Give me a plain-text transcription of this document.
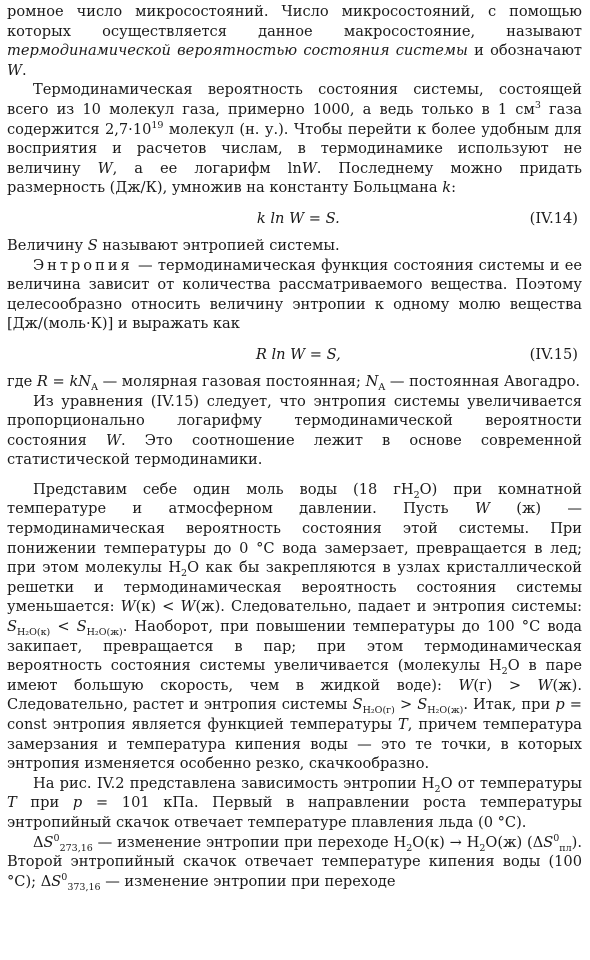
ромное число микросостояний. Число микросостояний, с помощью которых осуществляется данное макросостояние, называют термодинамической вероятностью состояния системы и обозначают W.

Термодинамическая вероятность состояния системы, состоящей всего из 10 молекул газа, примерно 1000, а ведь только в 1 $см^3$ газа содержится $2,7\cdot 10^{19}$ молекул (н. у.). Чтобы перейти к более удобным для восприятия и расчетов числам, в термодинамике используют не величину W, а ее логарифм lnW. Последнему можно придать размерность (Дж/К), умножив на константу Больцмана k:

k ln W = S.	(IV.14)

Величину S называют энтропией системы.

Энтропия — термодинамическая функция состояния системы и ее величина зависит от количества рассматриваемого вещества. Поэтому целесообразно относить величину энтропии к одному молю вещества [Дж/(моль·К)] и выражать как

R ln W = S,	(IV.15)

где $R = kN_A$ — молярная газовая постоянная; $N_A$ — постоянная Авогадро.

Из уравнения (IV.15) следует, что энтропия системы увеличивается пропорционально логарифму термодинамической вероятности состояния W. Это соотношение лежит в основе современной статистической термодинамики.

Представим себе один моль воды (18 $гН_2О$) при комнатной температуре и атмосферном давлении. Пусть W (ж) — термодинамическая вероятность состояния этой системы. При понижении температуры до 0 °С вода замерзает, превращается в лед; при этом молекулы $Н_2О$ как бы закрепляются в узлах кристаллической решетки и термодинамическая вероятность состояния системы уменьшается: W(к) < W(ж). Следовательно, падает и энтропия системы: $S_{H_2O(к)} < S_{H_2O(ж)}$. Наоборот, при повышении температуры до 100 °С вода закипает, превращается в пар; при этом термодинамическая вероятность состояния системы увеличивается (молекулы $Н_2О$ в паре имеют большую скорость, чем в жидкой воде): W(г) > W(ж). Следовательно, растет и энтропия системы $S_{H_2O(г)} > S_{H_2O(ж)}$. Итак, при p = const энтропия является функцией температуры T, причем температура замерзания и температура кипения воды — это те точки, в которых энтропия изменяется особенно резко, скачкообразно.

На рис. IV.2 представлена зависимость энтропии $Н_2О$ от температуры T при p = 101 кПа. Первый в направлении роста температуры энтропийный скачок отвечает температуре плавления льда (0 °С).

$\Delta S^0_{273,16}$ — изменение энтропии при переходе $Н_2О(к) \to Н_2О(ж)$ $(\Delta S^0_{пл})$. Второй энтропийный скачок отвечает температуре кипения воды (100 °С); $\Delta S^0_{373,16}$ — изменение энтропии при переходе
